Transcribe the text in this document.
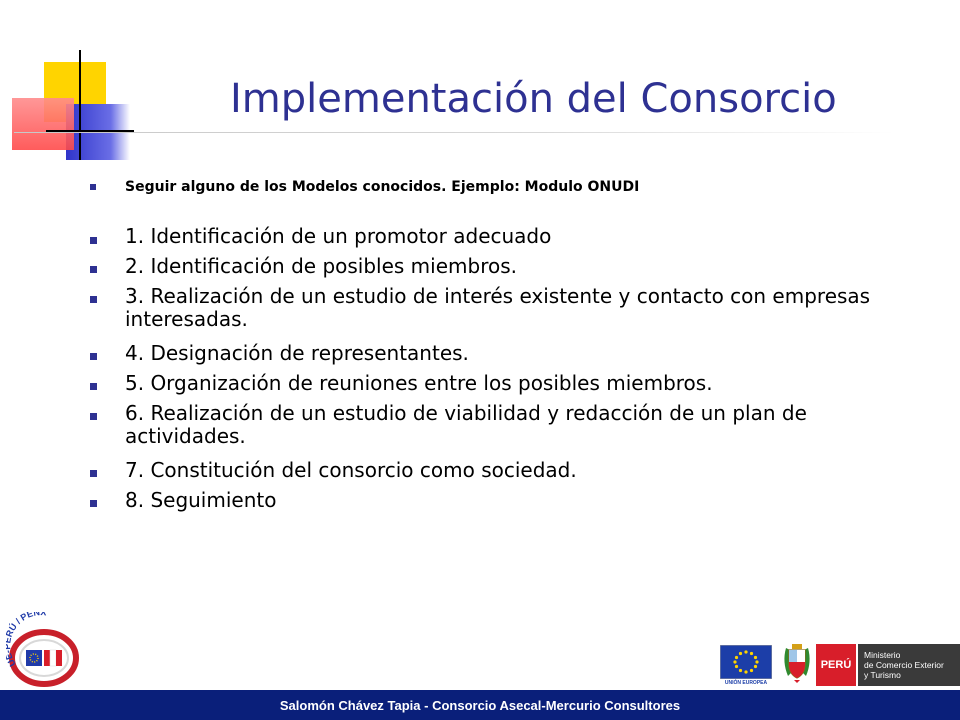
Implementación del Consorcio

Seguir alguno de los Modelos conocidos. Ejemplo: Modulo ONUDI

1. Identificación de un promotor adecuado

2. Identificación de posibles miembros.

3. Realización de un estudio de interés existente y contacto con empresas interesadas.

4. Designación de representantes.

5. Organización de reuniones entre los posibles miembros.

6. Realización de un estudio de viabilidad y redacción de un plan de actividades.

7. Constitución del consorcio como sociedad.

8. Seguimiento

U Ú / PENX
UNIÓN EUROPEA
PERÚ
Ministerio
de Comercio Exterior
y Turismo
Salomón Chávez Tapia - Consorcio Asecal-Mercurio Consultores
